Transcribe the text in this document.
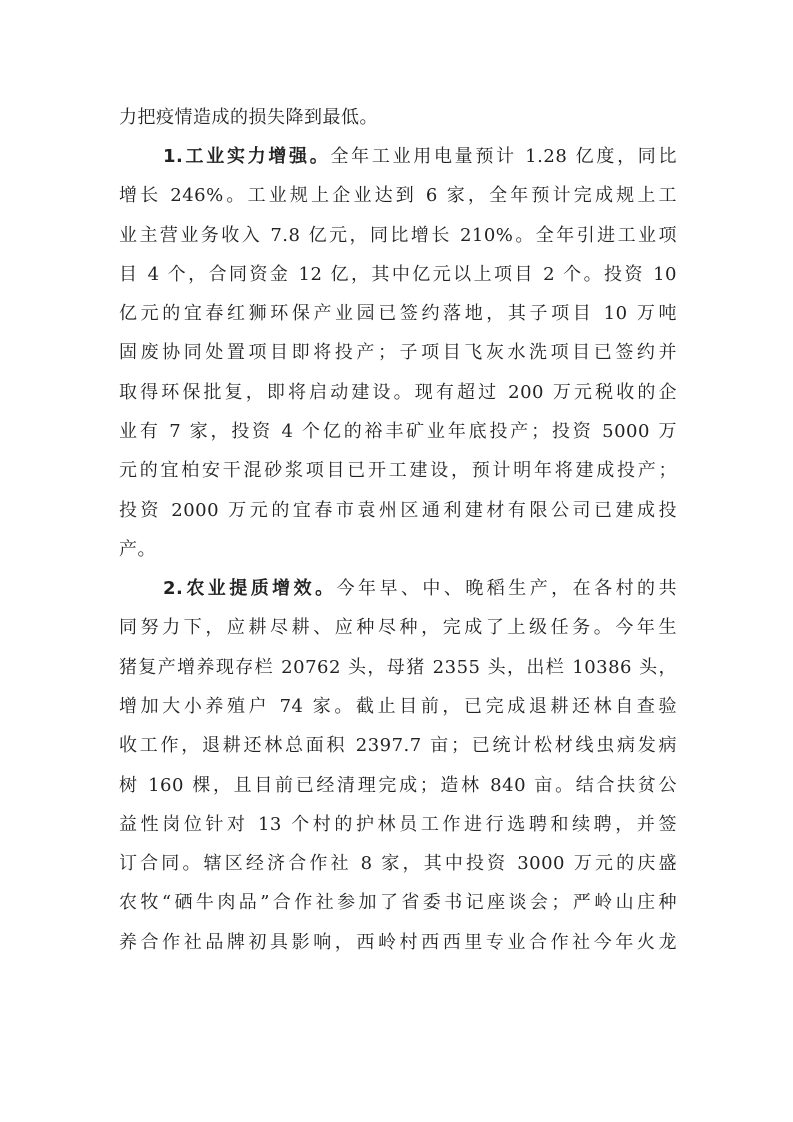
力把疫情造成的损失降到最低。
1.工业实力增强。全年工业用电量预计 1.28 亿度，同比
增长 246%。工业规上企业达到 6 家，全年预计完成规上工
业主营业务收入 7.8 亿元，同比增长 210%。全年引进工业项
目 4 个，合同资金 12 亿，其中亿元以上项目 2 个。投资 10
亿元的宜春红狮环保产业园已签约落地，其子项目 10 万吨
固废协同处置项目即将投产；子项目飞灰水洗项目已签约并
取得环保批复，即将启动建设。现有超过 200 万元税收的企
业有 7 家，投资 4 个亿的裕丰矿业年底投产；投资 5000 万
元的宜柏安干混砂浆项目已开工建设，预计明年将建成投产；
投资 2000 万元的宜春市袁州区通利建材有限公司已建成投
产。
2.农业提质增效。今年早、中、晚稻生产，在各村的共
同努力下，应耕尽耕、应种尽种，完成了上级任务。今年生
猪复产增养现存栏 20762 头，母猪 2355 头，出栏 10386 头，
增加大小养殖户 74 家。截止目前，已完成退耕还林自查验
收工作，退耕还林总面积 2397.7 亩；已统计松材线虫病发病
树 160 棵，且目前已经清理完成；造林 840 亩。结合扶贫公
益性岗位针对 13 个村的护林员工作进行选聘和续聘，并签
订合同。辖区经济合作社 8 家，其中投资 3000 万元的庆盛
农牧“硒牛肉品”合作社参加了省委书记座谈会；严岭山庄种
养合作社品牌初具影响，西岭村西西里专业合作社今年火龙
